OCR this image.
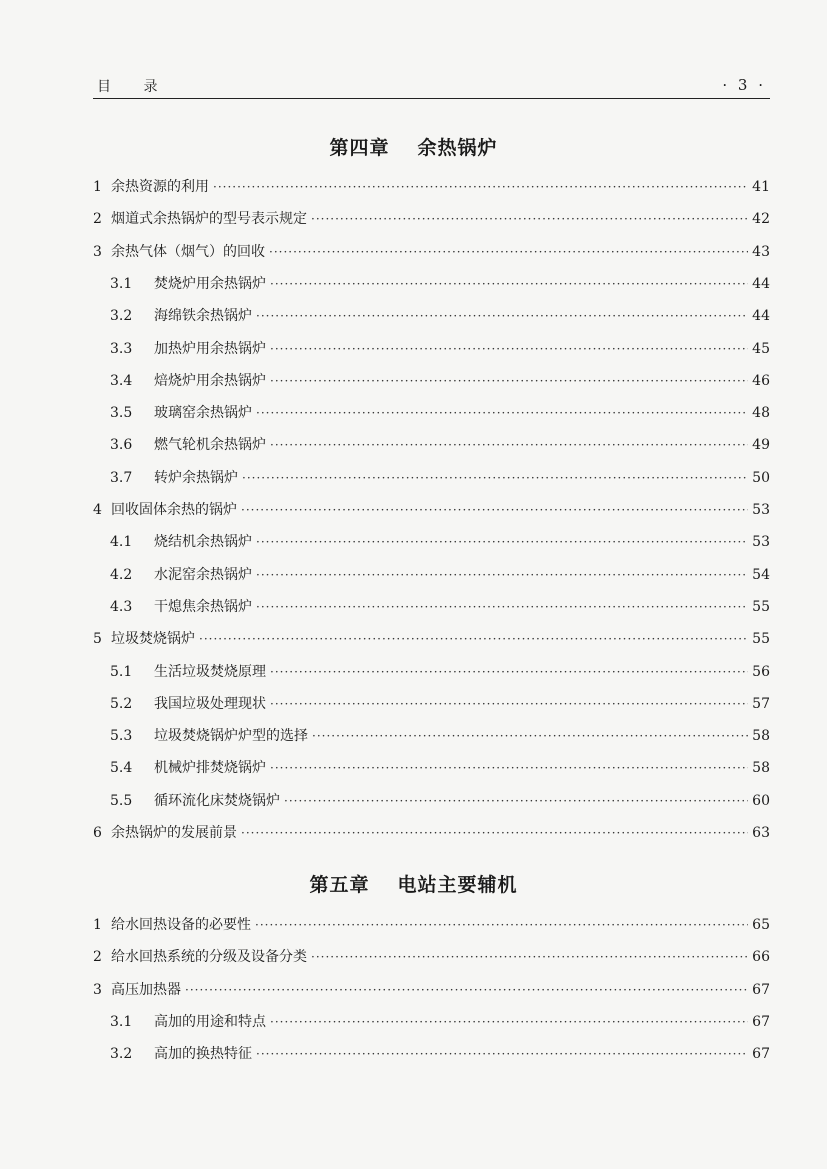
目 录	· 3 ·
第四章 余热锅炉
1 余热资源的利用 ·····	41
2 烟道式余热锅炉的型号表示规定 ·····	42
3 余热气体（烟气）的回收 ·····	43
3.1	焚烧炉用余热锅炉 ·····	44
3.2	海绵铁余热锅炉 ·····	44
3.3	加热炉用余热锅炉 ·····	45
3.4	焙烧炉用余热锅炉 ·····	46
3.5	玻璃窑余热锅炉 ·····	48
3.6	燃气轮机余热锅炉 ·····	49
3.7	转炉余热锅炉 ·····	50
4 回收固体余热的锅炉 ·····	53
4.1	烧结机余热锅炉 ·····	53
4.2	水泥窑余热锅炉 ·····	54
4.3	干熄焦余热锅炉 ·····	55
5 垃圾焚烧锅炉 ·····	55
5.1	生活垃圾焚烧原理 ·····	56
5.2	我国垃圾处理现状 ·····	57
5.3	垃圾焚烧锅炉炉型的选择 ·····	58
5.4	机械炉排焚烧锅炉 ·····	58
5.5	循环流化床焚烧锅炉 ·····	60
6 余热锅炉的发展前景 ·····	63
第五章 电站主要辅机
1 给水回热设备的必要性 ·····	65
2 给水回热系统的分级及设备分类 ·····	66
3 高压加热器 ·····	67
3.1	高加的用途和特点 ·····	67
3.2	高加的换热特征 ·····	67
